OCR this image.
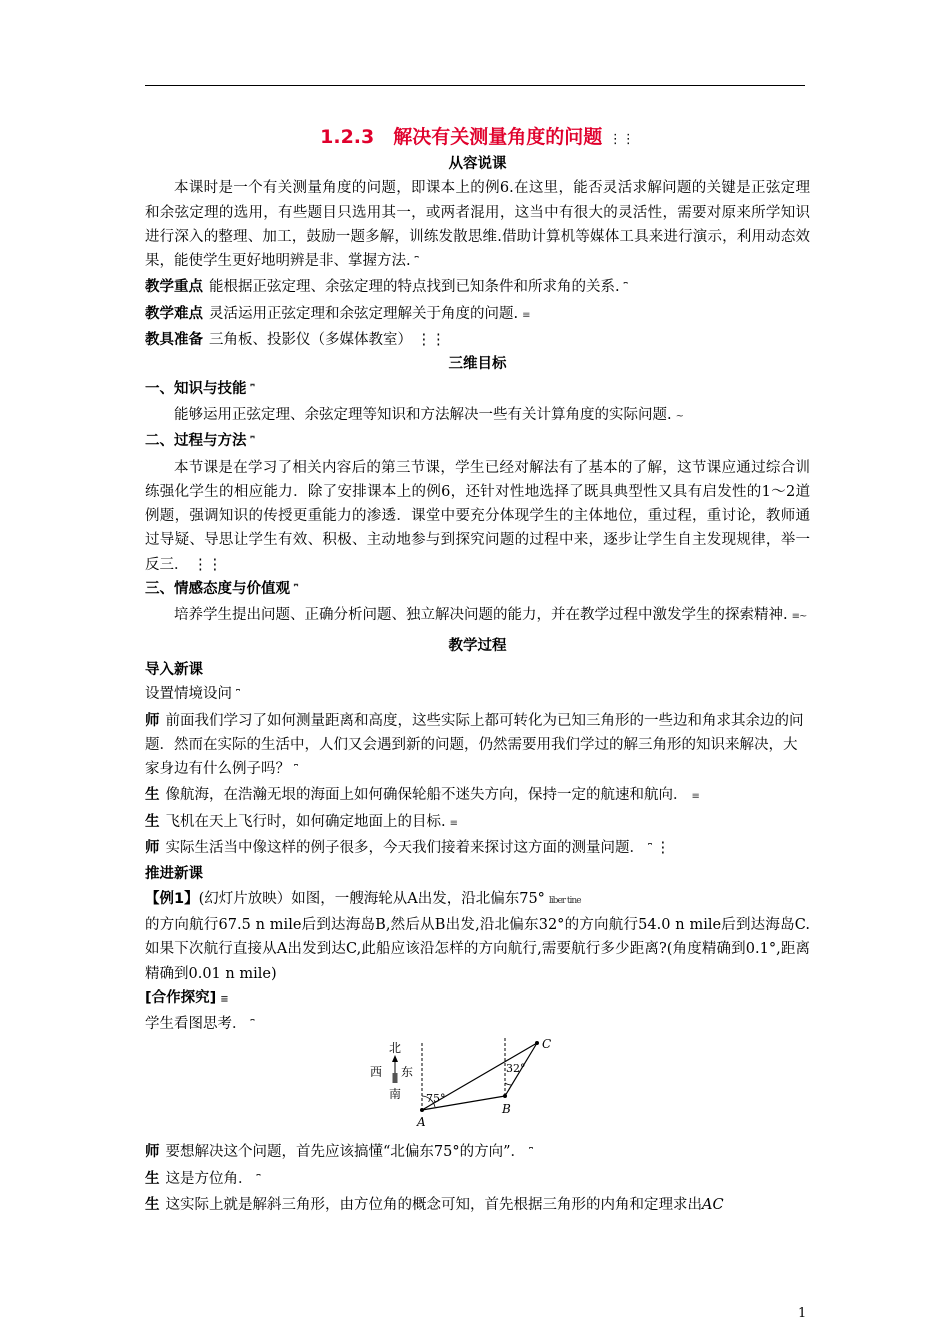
1.2.3　解决有关测量角度的问题 ⋮⋮
从容说课
本课时是一个有关测量角度的问题，即课本上的例6.在这里，能否灵活求解问题的关键是正弦定理和余弦定理的选用，有些题目只选用其一，或两者混用，这当中有很大的灵活性，需要对原来所学知识进行深入的整理、加工，鼓励一题多解，训练发散思维.借助计算机等媒体工具来进行演示，利用动态效果，能使学生更好地明辨是非、掌握方法. ⎴
教学重点 能根据正弦定理、余弦定理的特点找到已知条件和所求角的关系. ⎴
教学难点 灵活运用正弦定理和余弦定理解关于角度的问题. ≡
教具准备 三角板、投影仪（多媒体教室） ⋮⋮
三维目标
一、知识与技能 ⎴
能够运用正弦定理、余弦定理等知识和方法解决一些有关计算角度的实际问题. ~
二、过程与方法 ⎴
本节课是在学习了相关内容后的第三节课，学生已经对解法有了基本的了解，这节课应通过综合训练强化学生的相应能力．除了安排课本上的例6，还针对性地选择了既具典型性又具有启发性的1～2道例题，强调知识的传授更重能力的渗透．课堂中要充分体现学生的主体地位，重过程，重讨论，教师通过导疑、导思让学生有效、积极、主动地参与到探究问题的过程中来，逐步让学生自主发现规律，举一反三． ⋮⋮
三、情感态度与价值观 ⎴
培养学生提出问题、正确分析问题、独立解决问题的能力，并在教学过程中激发学生的探索精神. ≡~
教学过程
导入新课
设置情境设问 ⎴
师 前面我们学习了如何测量距离和高度，这些实际上都可转化为已知三角形的一些边和角求其余边的问题．然而在实际的生活中，人们又会遇到新的问题，仍然需要用我们学过的解三角形的知识来解决，大家身边有什么例子吗？ ⎴
生 像航海，在浩瀚无垠的海面上如何确保轮船不迷失方向，保持一定的航速和航向． ≡
生 飞机在天上飞行时，如何确定地面上的目标. ≡
师 实际生活当中像这样的例子很多，今天我们接着来探讨这方面的测量问题． ⎴ ⋮
推进新课
【例1】(幻灯片放映）如图，一艘海轮从A出发，沿北偏东75° liber tine
的方向航行67.5 n mile后到达海岛B,然后从B出发,沿北偏东32°的方向航行54.0 n mile后到达海岛C.如果下次航行直接从A出发到达C,此船应该沿怎样的方向航行,需要航行多少距离?(角度精确到0.1°,距离精确到0.01 n mile)
[合作探究] ≡
学生看图思考． ⎴
北
西 东
南 75°
32°
A
B
C
师 要想解决这个问题，首先应该搞懂“北偏东75°的方向”． ⎴
生 这是方位角． ⎴
生 这实际上就是解斜三角形，由方位角的概念可知，首先根据三角形的内角和定理求出AC
1
